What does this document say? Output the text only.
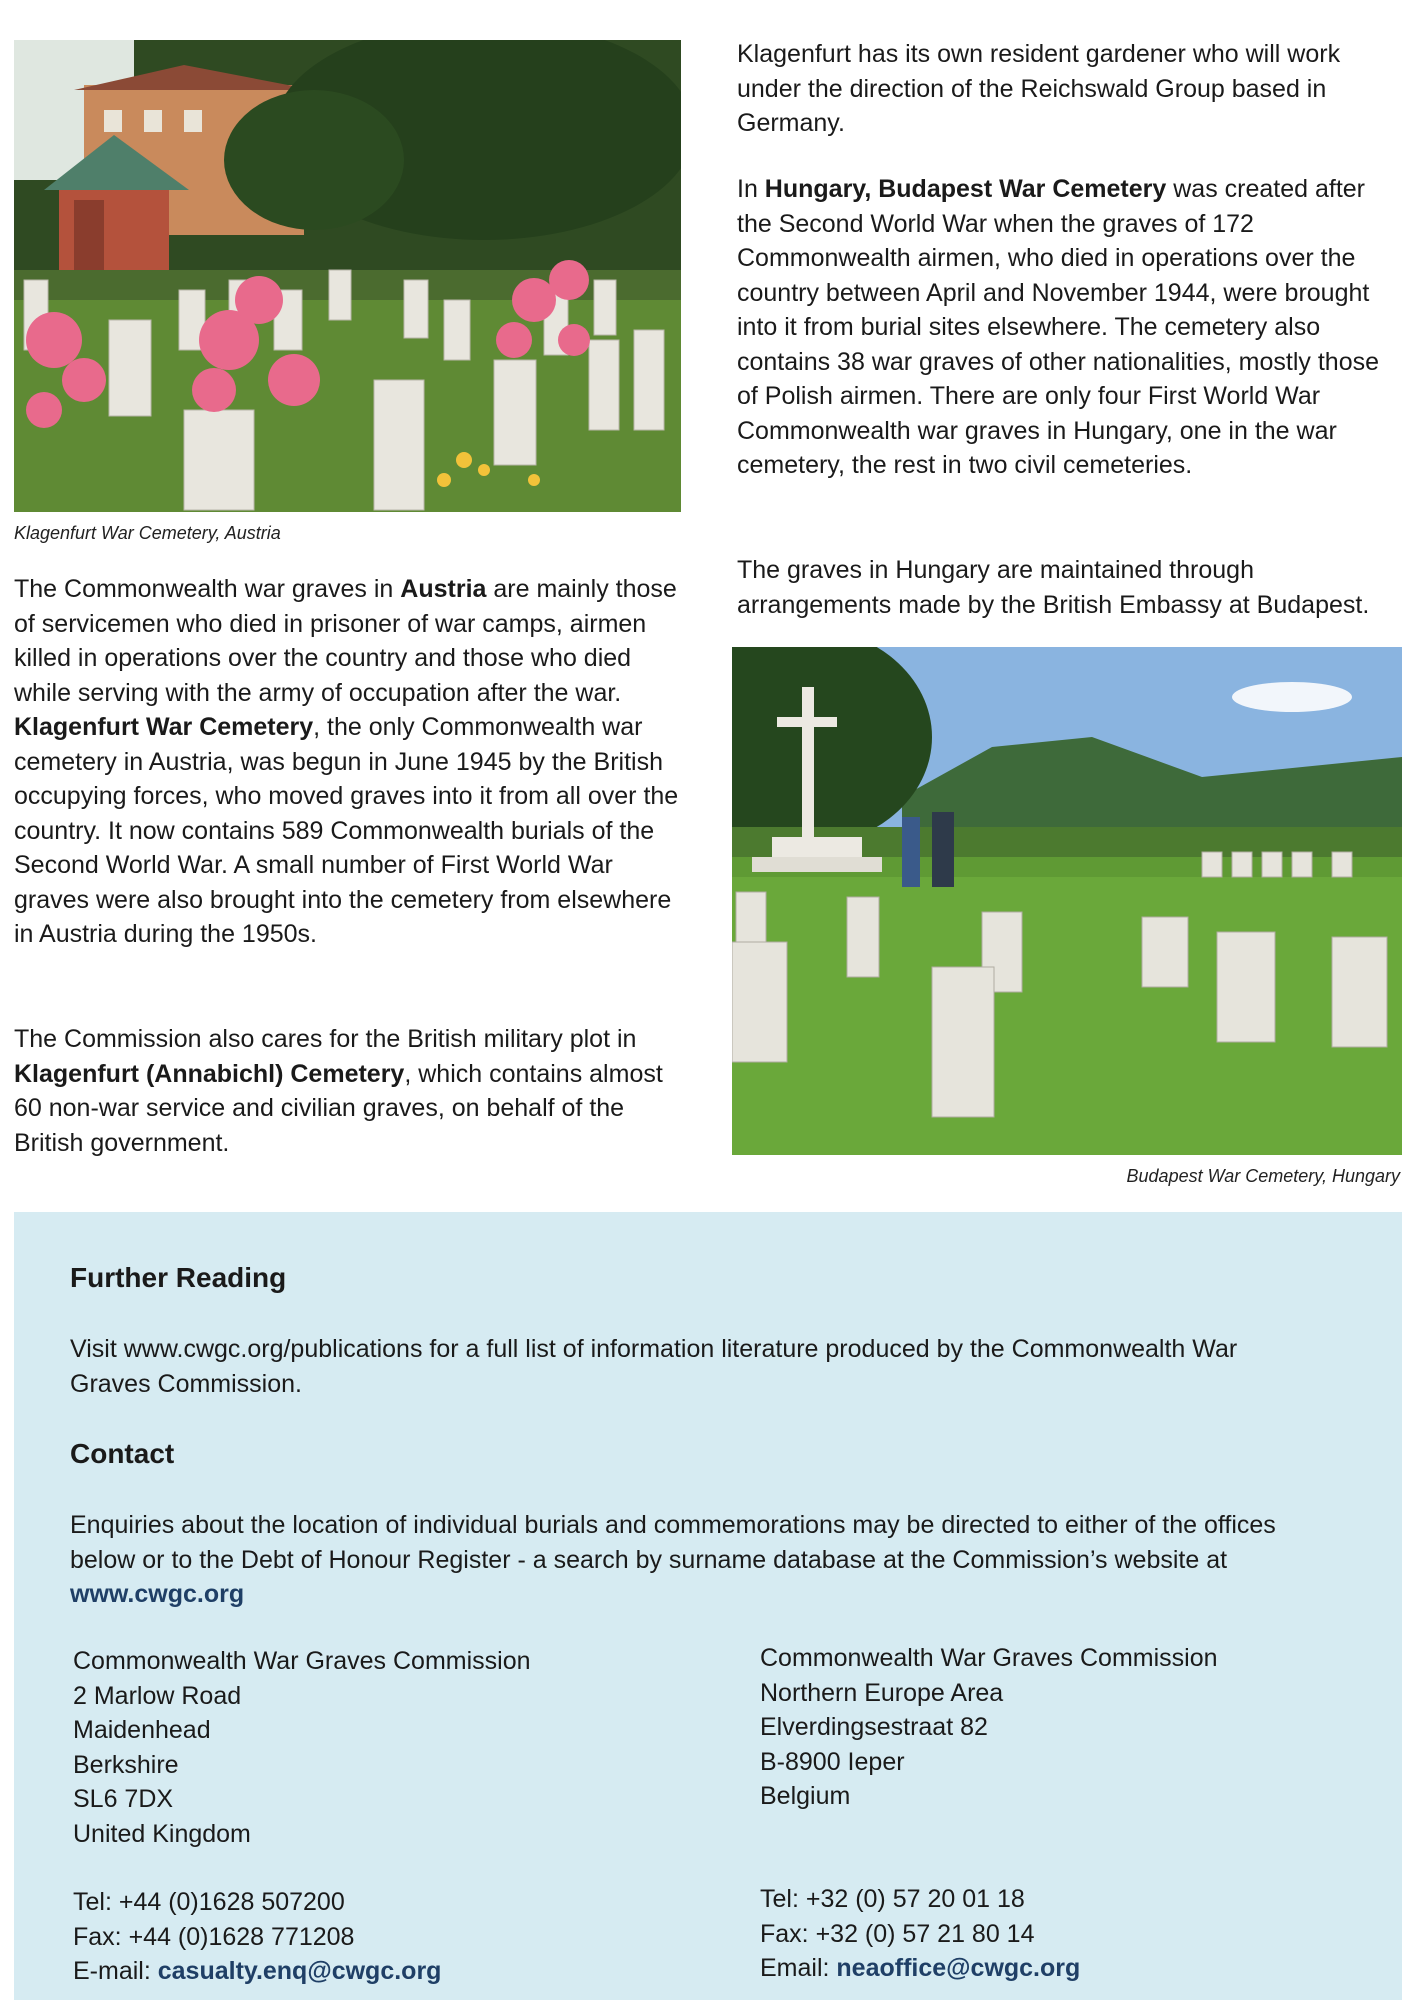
Klagenfurt War Cemetery, Austria

The Commonwealth war graves in Austria are mainly those of servicemen who died in prisoner of war camps, airmen killed in operations over the country and those who died while serving with the army of occupation after the war. Klagenfurt War Cemetery, the only Commonwealth war cemetery in Austria, was begun in June 1945 by the British occupying forces, who moved graves into it from all over the country. It now contains 589 Commonwealth burials of the Second World War. A small number of First World War graves were also brought into the cemetery from elsewhere in Austria during the 1950s.

The Commission also cares for the British military plot in Klagenfurt (Annabichl) Cemetery, which contains almost 60 non-war service and civilian graves, on behalf of the British government.

Klagenfurt has its own resident gardener who will work under the direction of the Reichswald Group based in Germany.

In Hungary, Budapest War Cemetery was created after the Second World War when the graves of 172 Commonwealth airmen, who died in operations over the country between April and November 1944, were brought into it from burial sites elsewhere. The cemetery also contains 38 war graves of other nationalities, mostly those of Polish airmen. There are only four First World War Commonwealth war graves in Hungary, one in the war cemetery, the rest in two civil cemeteries.

The graves in Hungary are maintained through arrangements made by the British Embassy at Budapest.

Budapest War Cemetery, Hungary
Further Reading

Visit www.cwgc.org/publications for a full list of information literature produced by the Commonwealth War Graves Commission.

Contact

Enquiries about the location of individual burials and commemorations may be directed to either of the offices below or to the Debt of Honour Register - a search by surname database at the Commission’s website at www.cwgc.org

Commonwealth War Graves Commission
2 Marlow Road
Maidenhead
Berkshire
SL6 7DX
United Kingdom
Tel: +44 (0)1628 507200
Fax: +44 (0)1628 771208
E-mail: casualty.enq@cwgc.org
Commonwealth War Graves Commission
Northern Europe Area
Elverdingsestraat 82
B-8900 Ieper
Belgium
Tel: +32 (0) 57 20 01 18
Fax: +32 (0) 57 21 80 14
Email: neaoffice@cwgc.org
